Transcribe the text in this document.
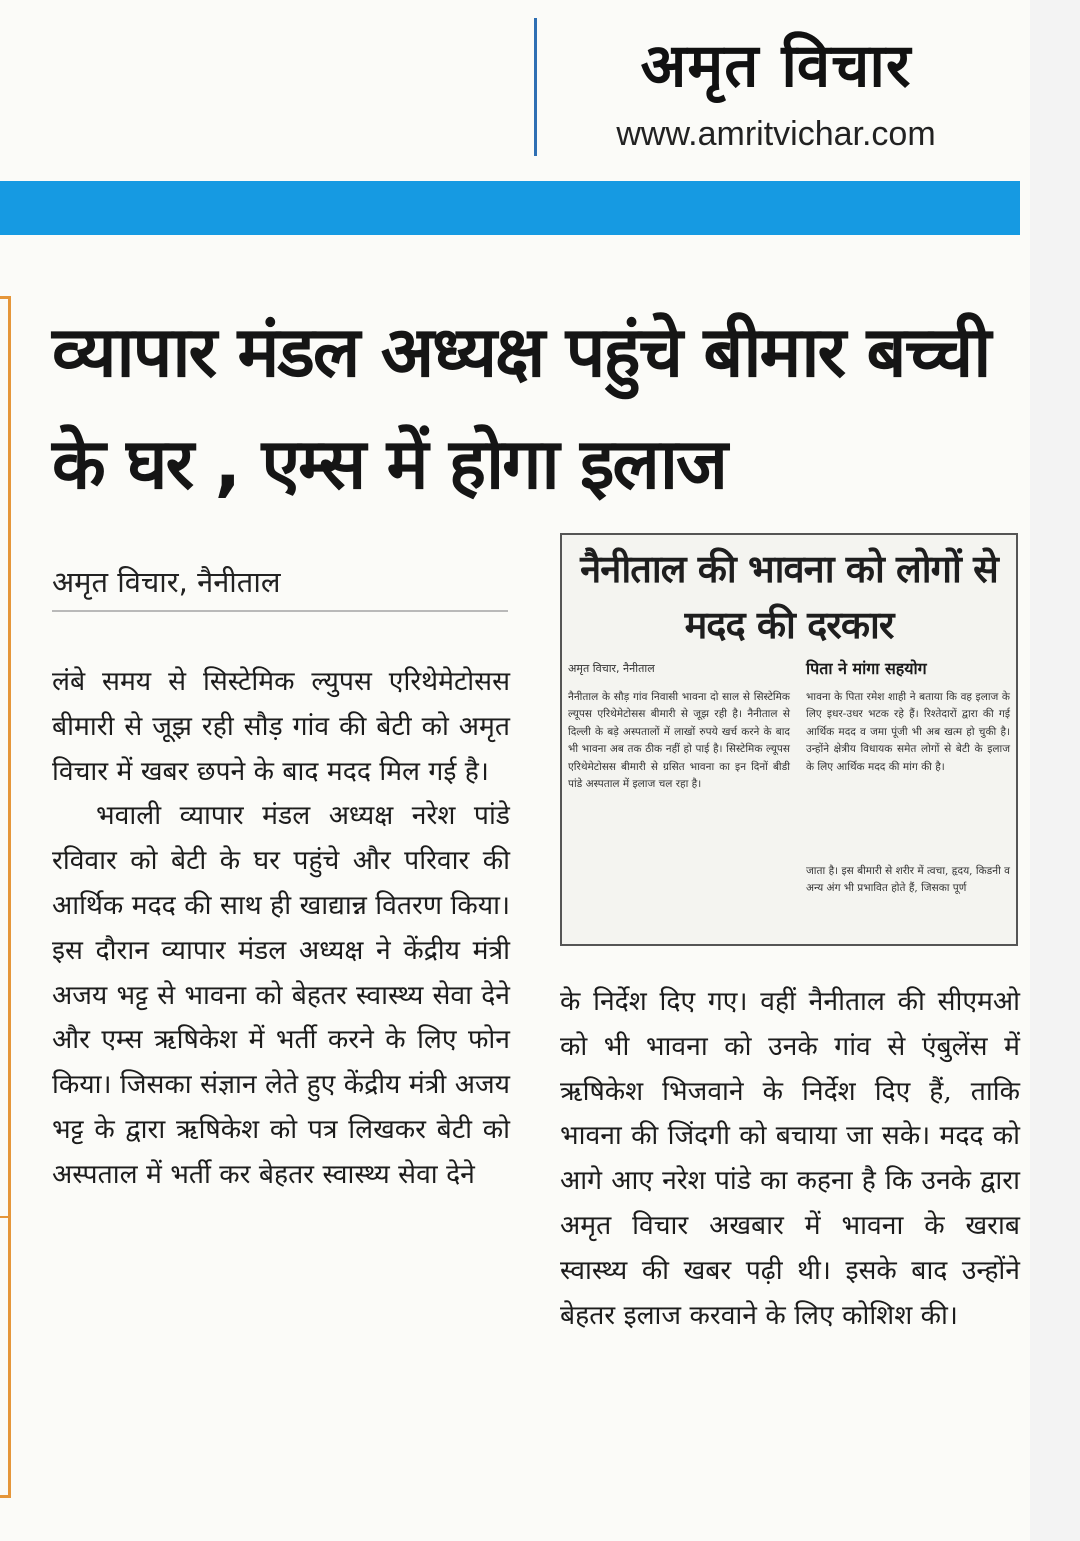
अमृत विचार
www.amritvichar.com
व्यापार मंडल अध्यक्ष पहुंचे बीमार बच्ची के घर , एम्स में होगा इलाज
अमृत विचार, नैनीताल

लंबे समय से सिस्टेमिक ल्युपस एरिथेमेटोसस बीमारी से जूझ रही सौड़ गांव की बेटी को अमृत विचार में खबर छपने के बाद मदद मिल गई है।

भवाली व्यापार मंडल अध्यक्ष नरेश पांडे रविवार को बेटी के घर पहुंचे और परिवार की आर्थिक मदद की साथ ही खाद्यान्न वितरण किया। इस दौरान व्यापार मंडल अध्यक्ष ने केंद्रीय मंत्री अजय भट्ट से भावना को बेहतर स्वास्थ्य सेवा देने और एम्स ऋषिकेश में भर्ती करने के लिए फोन किया। जिसका संज्ञान लेते हुए केंद्रीय मंत्री अजय भट्ट के द्वारा ऋषिकेश को पत्र लिखकर बेटी को अस्पताल में भर्ती कर बेहतर स्वास्थ्य सेवा देने

नैनीताल की भावना को लोगों से मदद की दरकार
अमृत विचार, नैनीताल	पिता ने मांगा सहयोग

नैनीताल के सौड़ गांव निवासी भावना दो साल से सिस्टेमिक ल्यूपस एरिथेमेटोसस बीमारी से जूझ रही है। नैनीताल से दिल्ली के बड़े अस्पतालों में लाखों रुपये खर्च करने के बाद भी भावना अब तक ठीक नहीं हो पाई है। सिस्टेमिक ल्यूपस एरिथेमेटोसस बीमारी से ग्रसित भावना का इन दिनों बीडी पांडे अस्पताल में इलाज चल रहा है।

भावना के पिता रमेश शाही ने बताया कि वह इलाज के लिए इधर-उधर भटक रहे हैं। रिश्तेदारों द्वारा की गई आर्थिक मदद व जमा पूंजी भी अब खत्म हो चुकी है। उन्होंने क्षेत्रीय विधायक समेत लोगों से बेटी के इलाज के लिए आर्थिक मदद की मांग की है।

जाता है। इस बीमारी से शरीर में त्वचा, हृदय, किडनी व अन्य अंग भी प्रभावित होते हैं, जिसका पूर्ण

के निर्देश दिए गए। वहीं नैनीताल की सीएमओ को भी भावना को उनके गांव से एंबुलेंस में ऋषिकेश भिजवाने के निर्देश दिए हैं, ताकि भावना की जिंदगी को बचाया जा सके। मदद को आगे आए नरेश पांडे का कहना है कि उनके द्वारा अमृत विचार अखबार में भावना के खराब स्वास्थ्य की खबर पढ़ी थी। इसके बाद उन्होंने बेहतर इलाज करवाने के लिए कोशिश की।
